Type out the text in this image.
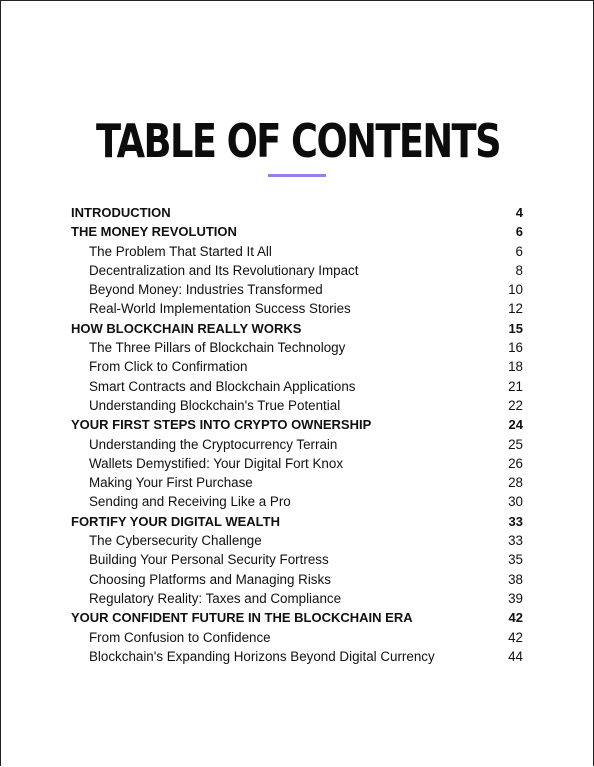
TABLE OF CONTENTS
INTRODUCTION	4
THE MONEY REVOLUTION	6
The Problem That Started It All	6
Decentralization and Its Revolutionary Impact	8
Beyond Money: Industries Transformed	10
Real-World Implementation Success Stories	12
HOW BLOCKCHAIN REALLY WORKS	15
The Three Pillars of Blockchain Technology	16
From Click to Confirmation	18
Smart Contracts and Blockchain Applications	21
Understanding Blockchain's True Potential	22
YOUR FIRST STEPS INTO CRYPTO OWNERSHIP	24
Understanding the Cryptocurrency Terrain	25
Wallets Demystified: Your Digital Fort Knox	26
Making Your First Purchase	28
Sending and Receiving Like a Pro	30
FORTIFY YOUR DIGITAL WEALTH	33
The Cybersecurity Challenge	33
Building Your Personal Security Fortress	35
Choosing Platforms and Managing Risks	38
Regulatory Reality: Taxes and Compliance	39
YOUR CONFIDENT FUTURE IN THE BLOCKCHAIN ERA	42
From Confusion to Confidence	42
Blockchain's Expanding Horizons Beyond Digital Currency	44
